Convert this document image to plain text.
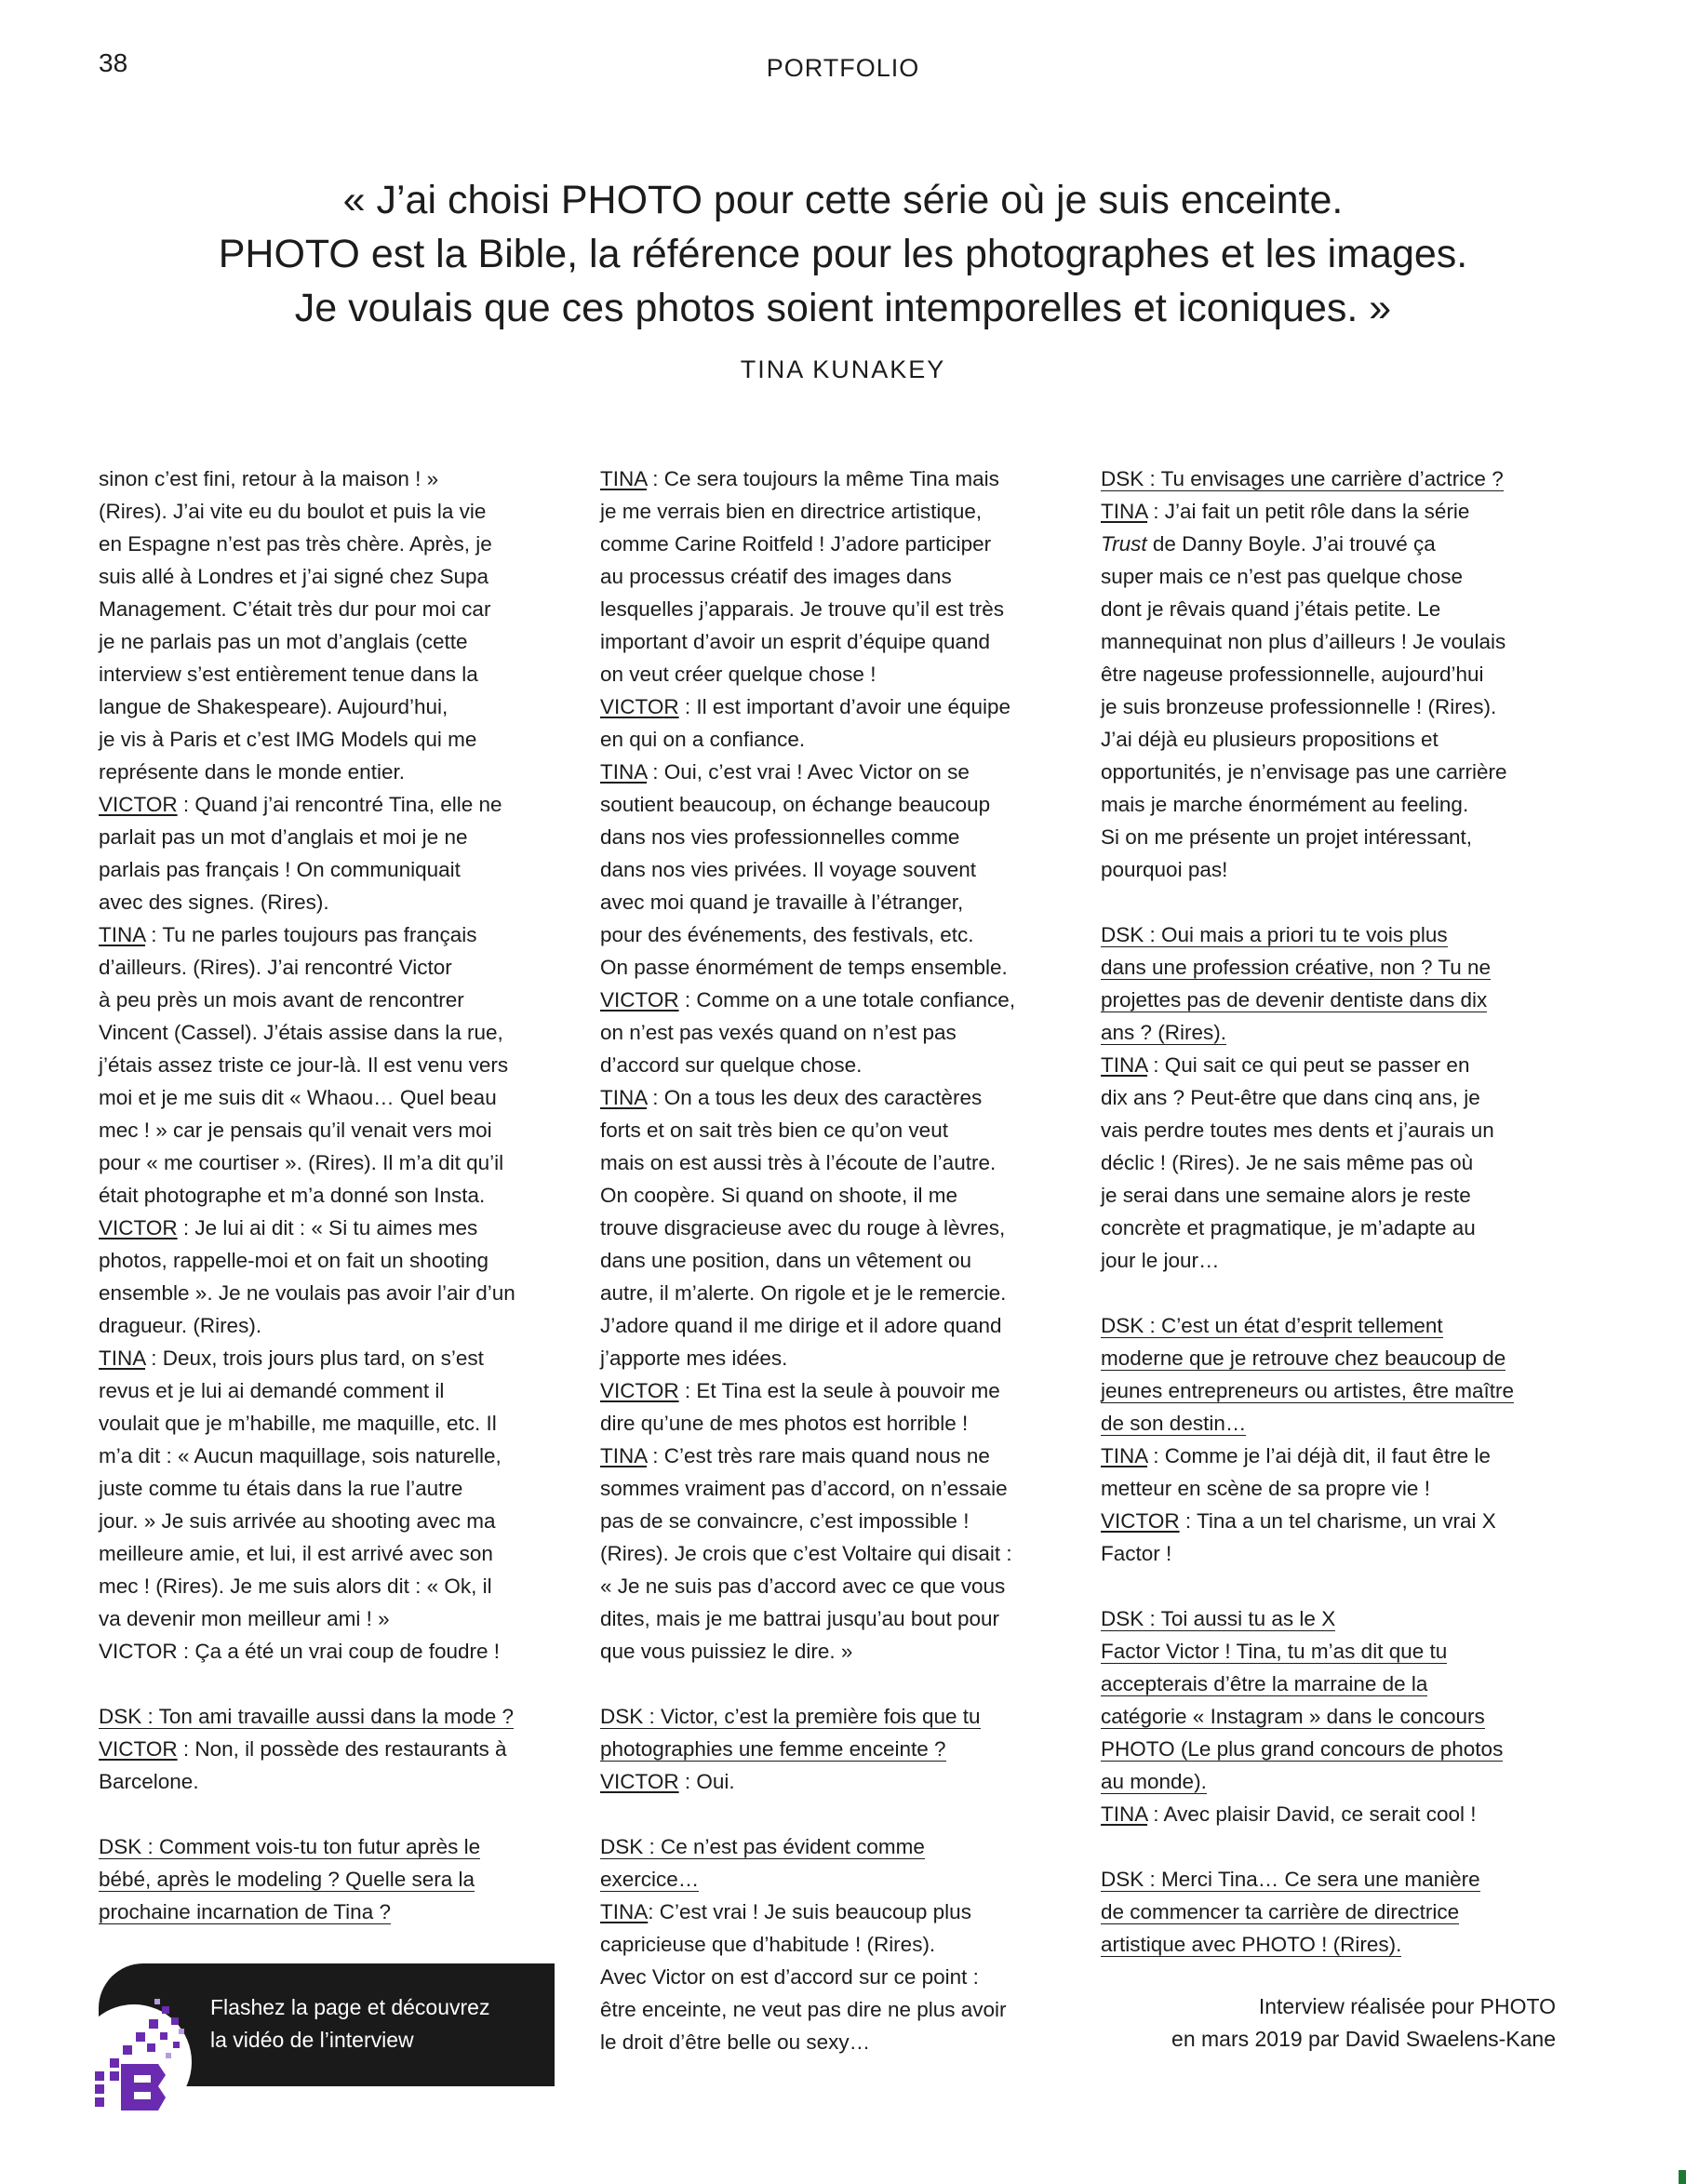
38	PORTFOLIO
« J’ai choisi PHOTO pour cette série où je suis enceinte.
PHOTO est la Bible, la référence pour les photographes et les images.
Je voulais que ces photos soient intemporelles et iconiques. »
TINA KUNAKEY

sinon c’est fini, retour à la maison ! »
(Rires). J’ai vite eu du boulot et puis la vie
en Espagne n’est pas très chère. Après, je
suis allé à Londres et j’ai signé chez Supa
Management. C’était très dur pour moi car
je ne parlais pas un mot d’anglais (cette
interview s’est entièrement tenue dans la
langue de Shakespeare). Aujourd’hui,
je vis à Paris et c’est IMG Models qui me
représente dans le monde entier.

VICTOR : Quand j’ai rencontré Tina, elle ne
parlait pas un mot d’anglais et moi je ne
parlais pas français ! On communiquait
avec des signes. (Rires).

TINA : Tu ne parles toujours pas français
d’ailleurs. (Rires). J’ai rencontré Victor
à peu près un mois avant de rencontrer
Vincent (Cassel). J’étais assise dans la rue,
j’étais assez triste ce jour-là. Il est venu vers
moi et je me suis dit « Whaou… Quel beau
mec ! » car je pensais qu’il venait vers moi
pour « me courtiser ». (Rires). Il m’a dit qu’il
était photographe et m’a donné son Insta.

VICTOR : Je lui ai dit : « Si tu aimes mes
photos, rappelle-moi et on fait un shooting
ensemble ». Je ne voulais pas avoir l’air d’un
dragueur. (Rires).

TINA : Deux, trois jours plus tard, on s’est
revus et je lui ai demandé comment il
voulait que je m’habille, me maquille, etc. Il
m’a dit : « Aucun maquillage, sois naturelle,
juste comme tu étais dans la rue l’autre
jour. » Je suis arrivée au shooting avec ma
meilleure amie, et lui, il est arrivé avec son
mec ! (Rires). Je me suis alors dit : « Ok, il
va devenir mon meilleur ami ! »

VICTOR : Ça a été un vrai coup de foudre !

DSK : Ton ami travaille aussi dans la mode ?

VICTOR : Non, il possède des restaurants à
Barcelone.

DSK : Comment vois-tu ton futur après le

bébé, après le modeling ? Quelle sera la

prochaine incarnation de Tina ?

TINA : Ce sera toujours la même Tina mais
je me verrais bien en directrice artistique,
comme Carine Roitfeld ! J’adore participer
au processus créatif des images dans
lesquelles j’apparais. Je trouve qu’il est très
important d’avoir un esprit d’équipe quand
on veut créer quelque chose !

VICTOR : Il est important d’avoir une équipe
en qui on a confiance.

TINA : Oui, c’est vrai ! Avec Victor on se
soutient beaucoup, on échange beaucoup
dans nos vies professionnelles comme
dans nos vies privées. Il voyage souvent
avec moi quand je travaille à l’étranger,
pour des événements, des festivals, etc.
On passe énormément de temps ensemble.

VICTOR : Comme on a une totale confiance,
on n’est pas vexés quand on n’est pas
d’accord sur quelque chose.

TINA : On a tous les deux des caractères
forts et on sait très bien ce qu’on veut
mais on est aussi très à l’écoute de l’autre.
On coopère. Si quand on shoote, il me
trouve disgracieuse avec du rouge à lèvres,
dans une position, dans un vêtement ou
autre, il m’alerte. On rigole et je le remercie.
J’adore quand il me dirige et il adore quand
j’apporte mes idées.

VICTOR : Et Tina est la seule à pouvoir me
dire qu’une de mes photos est horrible !

TINA : C’est très rare mais quand nous ne
sommes vraiment pas d’accord, on n’essaie
pas de se convaincre, c’est impossible !
(Rires). Je crois que c’est Voltaire qui disait :
« Je ne suis pas d’accord avec ce que vous
dites, mais je me battrai jusqu’au bout pour
que vous puissiez le dire. »

DSK : Victor, c’est la première fois que tu

photographies une femme enceinte ?

VICTOR : Oui.

DSK : Ce n’est pas évident comme

exercice…

TINA: C’est vrai ! Je suis beaucoup plus
capricieuse que d’habitude ! (Rires).
Avec Victor on est d’accord sur ce point :
être enceinte, ne veut pas dire ne plus avoir
le droit d’être belle ou sexy…

DSK : Tu envisages une carrière d’actrice ?

TINA : J’ai fait un petit rôle dans la série
Trust de Danny Boyle. J’ai trouvé ça
super mais ce n’est pas quelque chose
dont je rêvais quand j’étais petite. Le
mannequinat non plus d’ailleurs ! Je voulais
être nageuse professionnelle, aujourd’hui
je suis bronzeuse professionnelle ! (Rires).
J’ai déjà eu plusieurs propositions et
opportunités, je n’envisage pas une carrière
mais je marche énormément au feeling.
Si on me présente un projet intéressant,
pourquoi pas!

DSK : Oui mais a priori tu te vois plus

dans une profession créative, non ? Tu ne

projettes pas de devenir dentiste dans dix

ans ? (Rires).

TINA : Qui sait ce qui peut se passer en
dix ans ? Peut-être que dans cinq ans, je
vais perdre toutes mes dents et j’aurais un
déclic ! (Rires). Je ne sais même pas où
je serai dans une semaine alors je reste
concrète et pragmatique, je m’adapte au
jour le jour…

DSK : C’est un état d’esprit tellement

moderne que je retrouve chez beaucoup de

jeunes entrepreneurs ou artistes, être maître

de son destin…

TINA : Comme je l’ai déjà dit, il faut être le
metteur en scène de sa propre vie !

VICTOR : Tina a un tel charisme, un vrai X
Factor !

DSK : Toi aussi tu as le X

Factor Victor ! Tina, tu m’as dit que tu

accepterais d’être la marraine de la

catégorie « Instagram » dans le concours

PHOTO (Le plus grand concours de photos

au monde).

TINA : Avec plaisir David, ce serait cool !

DSK : Merci Tina… Ce sera une manière

de commencer ta carrière de directrice

artistique avec PHOTO ! (Rires).

Flashez la page et découvrez
la vidéo de l’interview
Interview réalisée pour PHOTO
en mars 2019 par David Swaelens-Kane
